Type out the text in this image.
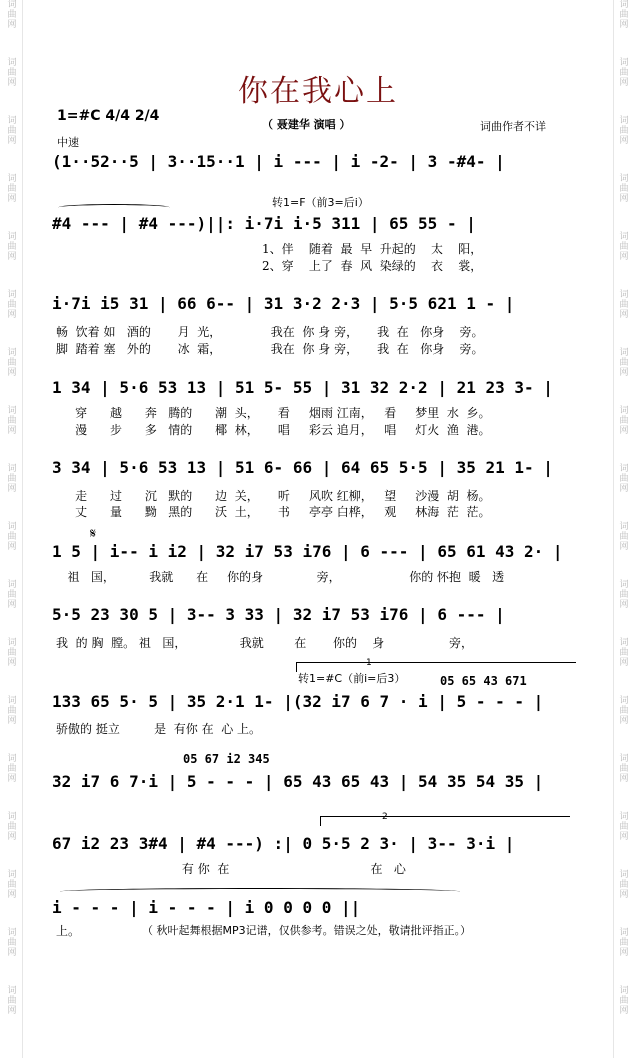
词
曲
网
词
曲
网
词
曲
网
词
曲
网
词
曲
网
词
曲
网
词
曲
网
词
曲
网
词
曲
网
词
曲
网
词
曲
网
词
曲
网
词
曲
网
词
曲
网
词
曲
网
词
曲
网
词
曲
网
词
曲
网
词
曲
网
词
曲
网
词
曲
网
词
曲
网
词
曲
网
词
曲
网
词
曲
网
词
曲
网
词
曲
网
词
曲
网
词
曲
网
词
曲
网
词
曲
网
词
曲
网
词
曲
网
词
曲
网
词
曲
网
词
曲
网
你在我心上
1=#C 4/4 2/4
（ 聂建华 演唱 ）	词曲作者不详
中速
(1··52··5 | 3··15··1 | i --- | i -2- | 3 -#4- |
转1=F（前3=后i）
#4 --- | #4 ---)||: i·7i i·5 311 | 65 55 - |
1、伴    随着  最  早  升起的    太    阳，
2、穿    上了  春  风  染绿的    衣    裳，
i·7i i5 31 | 66 6-- | 31 3·2 2·3 | 5·5 621 1 - |
畅  饮着 如   酒的       月  光，             我在  你 身 旁，     我  在   你身    旁。
脚  踏着 塞   外的       冰  霜，             我在  你 身 旁，     我  在   你身    旁。
1 34 | 5·6 53 13 | 51 5- 55 | 31 32 2·2 | 21 23 3- |
穿      越      奔   腾的      潮  头，     看     烟雨 江南，   看     梦里  水  乡。
漫      步      多   情的      椰  林，     唱     彩云 追月，   唱     灯火  渔  港。
3 34 | 5·6 53 13 | 51 6- 66 | 64 65 5·5 | 35 21 1- |
走      过      沉   默的      边  关，     听     风吹 红柳，   望     沙漫  胡  杨。
丈      量      黝   黑的      沃  土，     书     亭亭 白桦，   观     林海  茫  茫。
𝄋
1 5 | i-- i i2 | 32 i7 53 i76 | 6 --- | 65 61 43 2· |
祖   国，         我就      在     你的身              旁，                  你的 怀抱  暖   透
5·5 23 30 5 | 3-- 3 33 | 32 i7 53 i76 | 6 --- |
我  的 胸  膛。 祖   国，              我就        在       你的    身                 旁，
1
转1=#C（前i=后3）	05 65 43 671
133 65 5· 5 | 35 2·1 1- |(32 i7 6 7 · i | 5 - - - |
骄傲的 挺立         是  有你 在  心 上。
05 67 i2 345
32 i7 6 7·i | 5 - - - | 65 43 65 43 | 54 35 54 35 |
2
67 i2 23 3#4 | #4 ---) :| 0 5·5 2 3· | 3-- 3·i |
有 你  在                                     在   心
i - - - | i - - - | i 0 0 0 0 ||
上。	（ 秋叶起舞根据MP3记谱，仅供参考。错误之处，敬请批评指正。）
